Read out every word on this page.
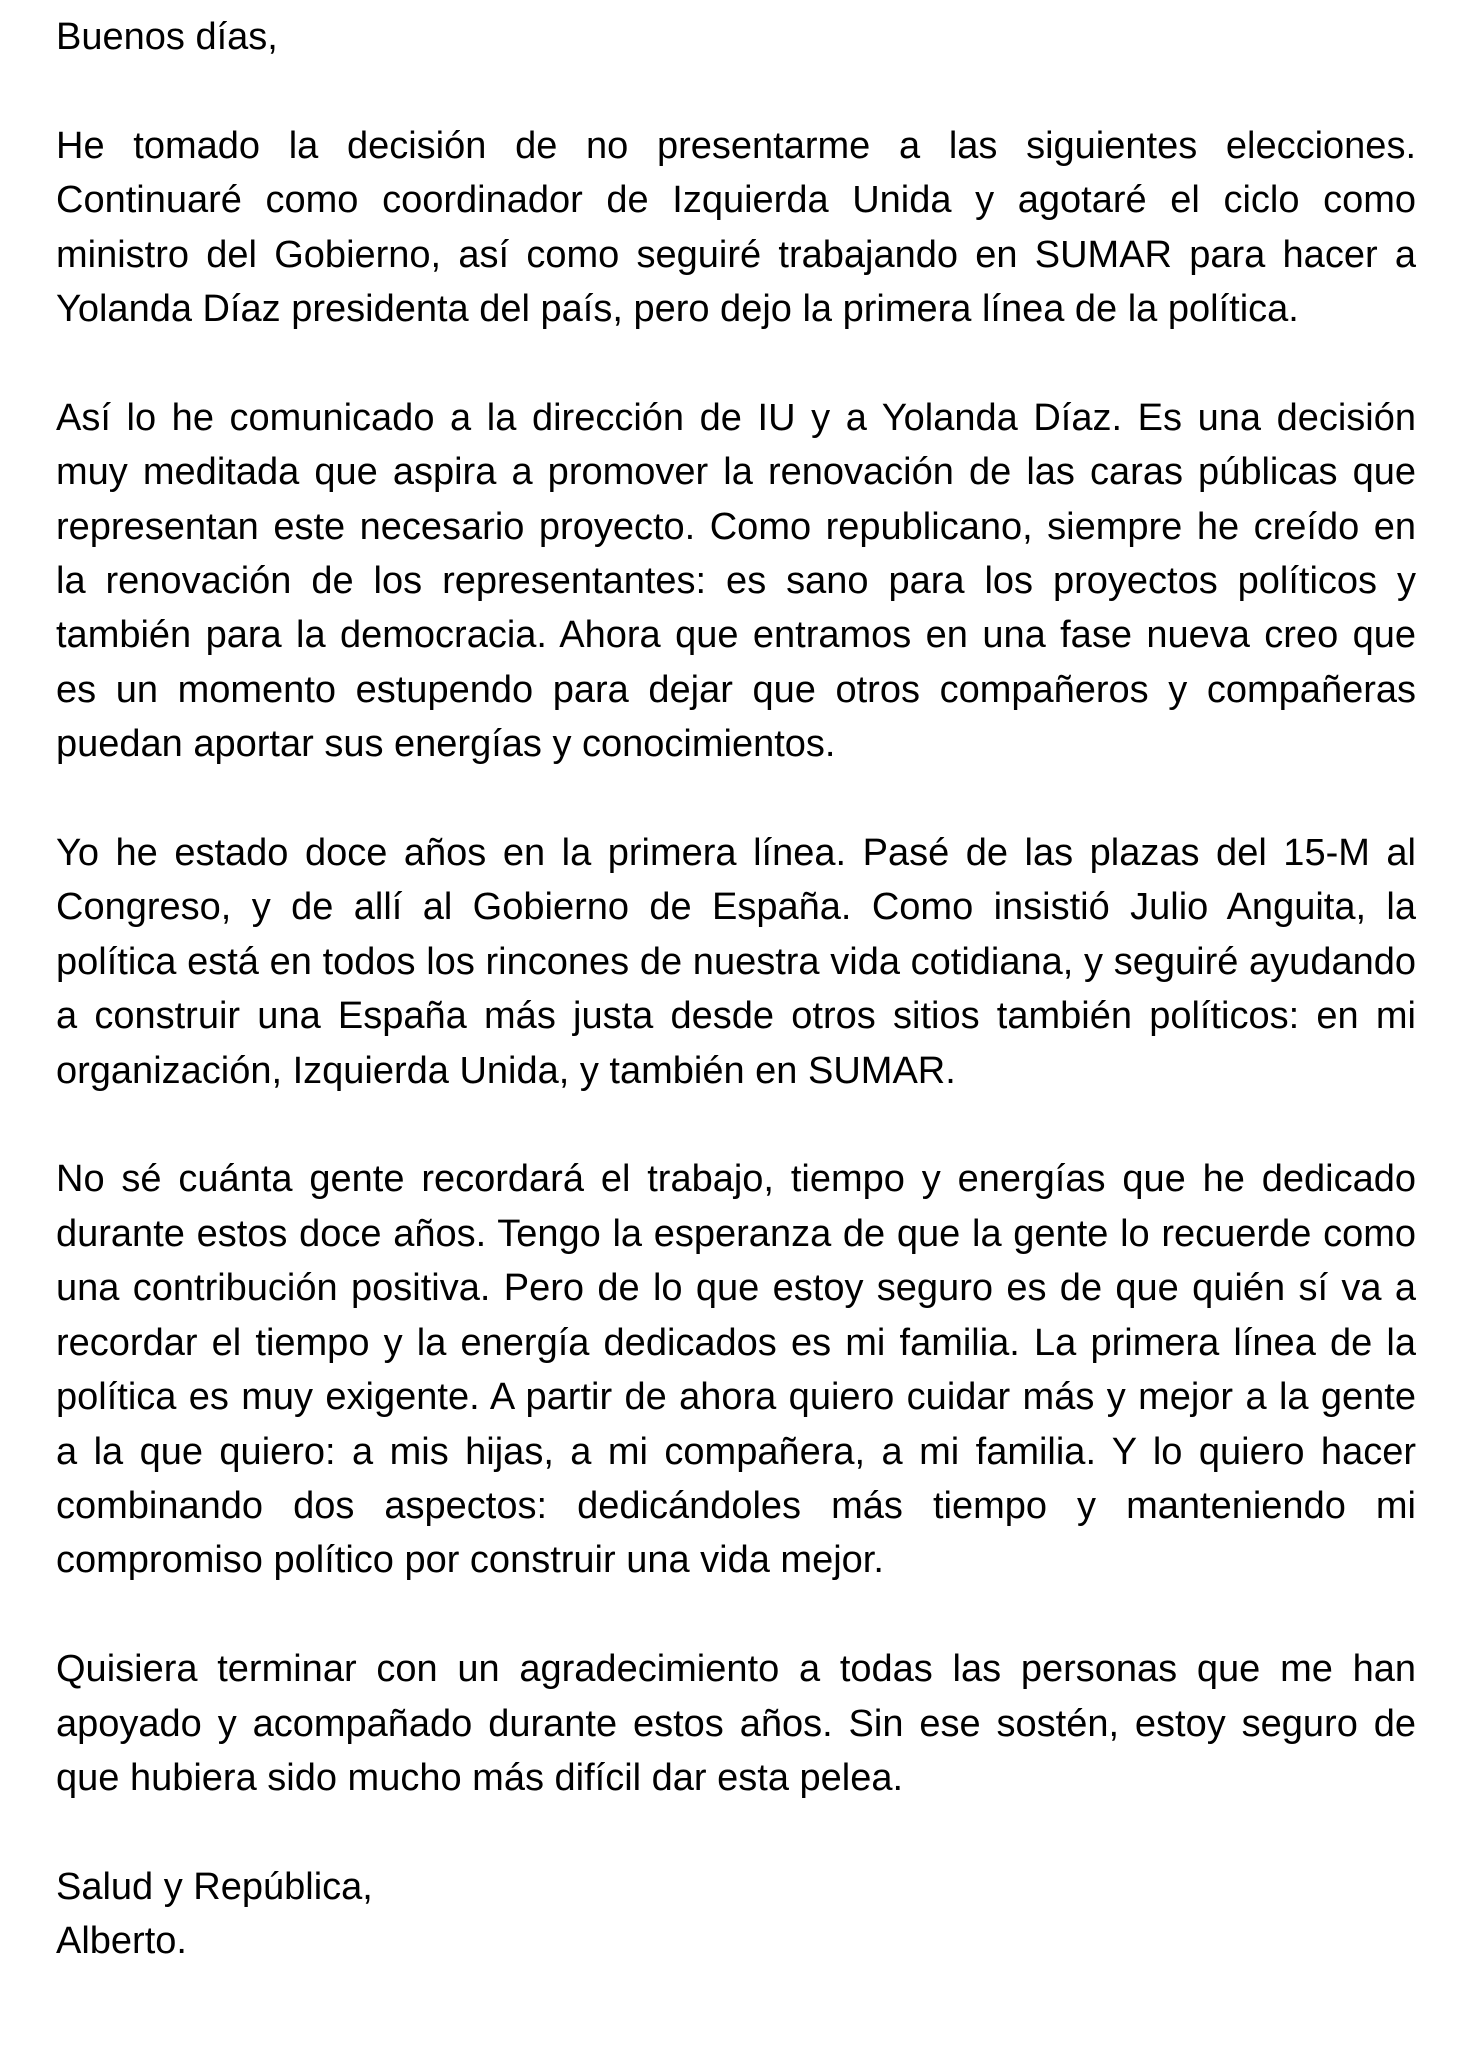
Buenos días,

He tomado la decisión de no presentarme a las siguientes elecciones. Continuaré como coordinador de Izquierda Unida y agotaré el ciclo como ministro del Gobierno, así como seguiré trabajando en SUMAR para hacer a Yolanda Díaz presidenta del país, pero dejo la primera línea de la política.

Así lo he comunicado a la dirección de IU y a Yolanda Díaz. Es una decisión muy meditada que aspira a promover la renovación de las caras públicas que representan este necesario proyecto. Como republicano, siempre he creído en la renovación de los representantes: es sano para los proyectos políticos y también para la democracia. Ahora que entramos en una fase nueva creo que es un momento estupendo para dejar que otros compañeros y compañeras puedan aportar sus energías y conocimientos.

Yo he estado doce años en la primera línea. Pasé de las plazas del 15-M al Congreso, y de allí al Gobierno de España. Como insistió Julio Anguita, la política está en todos los rincones de nuestra vida cotidiana, y seguiré ayudando a construir una España más justa desde otros sitios también políticos: en mi organización, Izquierda Unida, y también en SUMAR.

No sé cuánta gente recordará el trabajo, tiempo y energías que he dedicado durante estos doce años. Tengo la esperanza de que la gente lo recuerde como una contribución positiva. Pero de lo que estoy seguro es de que quién sí va a recordar el tiempo y la energía dedicados es mi familia. La primera línea de la política es muy exigente. A partir de ahora quiero cuidar más y mejor a la gente a la que quiero: a mis hijas, a mi compañera, a mi familia. Y lo quiero hacer combinando dos aspectos: dedicándoles más tiempo y manteniendo mi compromiso político por construir una vida mejor.

Quisiera terminar con un agradecimiento a todas las personas que me han apoyado y acompañado durante estos años. Sin ese sostén, estoy seguro de que hubiera sido mucho más difícil dar esta pelea.

Salud y República,

Alberto.
